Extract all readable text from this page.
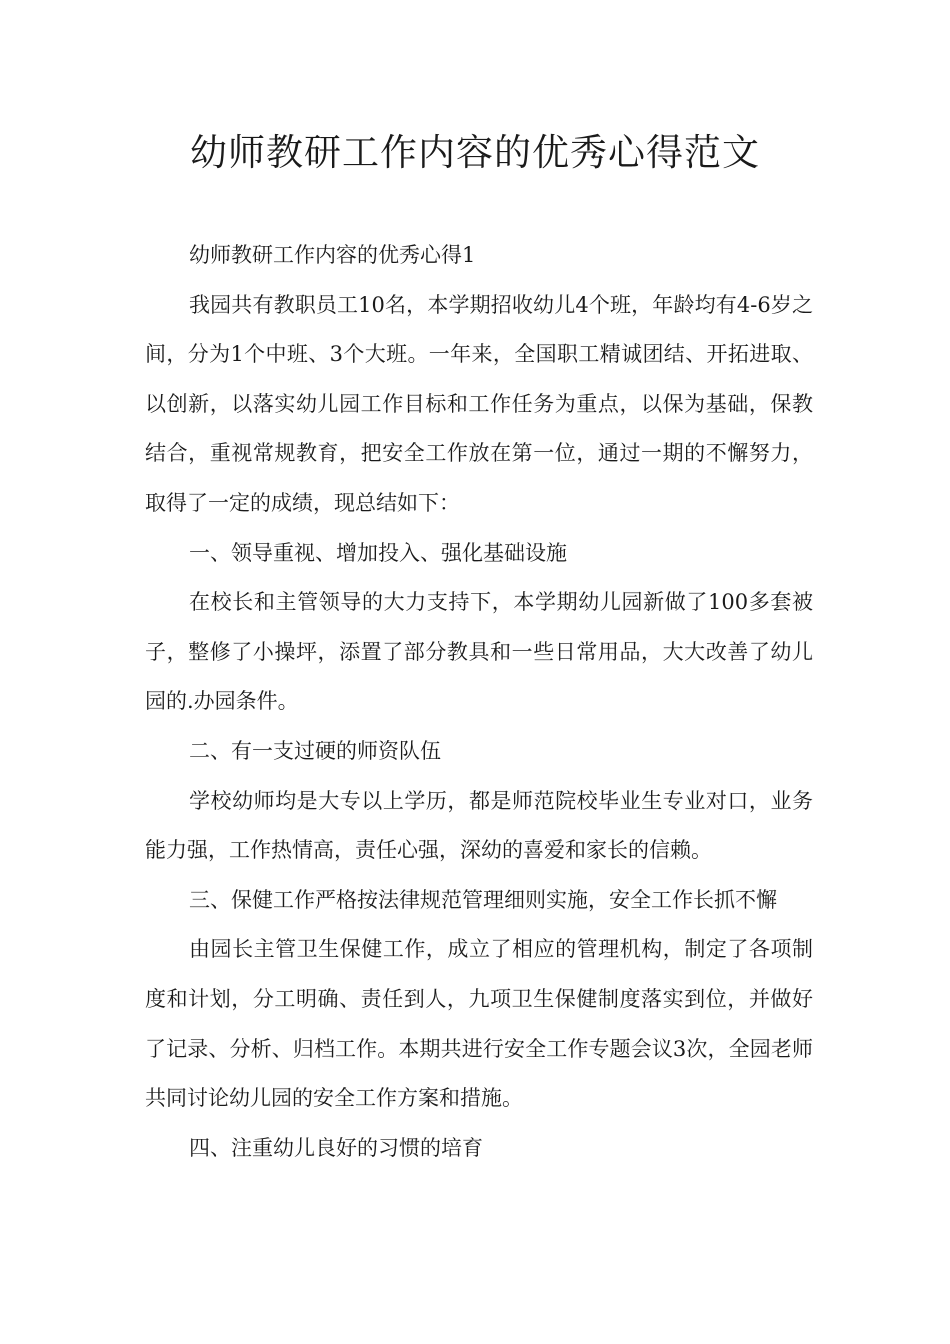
幼师教研工作内容的优秀心得范文

幼师教研工作内容的优秀心得1

我园共有教职员工10名，本学期招收幼儿4个班，年龄均有4-6岁之间，分为1个中班、3个大班。一年来，全国职工精诚团结、开拓进取、以创新，以落实幼儿园工作目标和工作任务为重点，以保为基础，保教结合，重视常规教育，把安全工作放在第一位，通过一期的不懈努力，取得了一定的成绩，现总结如下：

一、领导重视、增加投入、强化基础设施

在校长和主管领导的大力支持下，本学期幼儿园新做了100多套被子，整修了小操坪，添置了部分教具和一些日常用品，大大改善了幼儿园的.办园条件。

二、有一支过硬的师资队伍

学校幼师均是大专以上学历，都是师范院校毕业生专业对口，业务能力强，工作热情高，责任心强，深幼的喜爱和家长的信赖。

三、保健工作严格按法律规范管理细则实施，安全工作长抓不懈

由园长主管卫生保健工作，成立了相应的管理机构，制定了各项制度和计划，分工明确、责任到人，九项卫生保健制度落实到位，并做好了记录、分析、归档工作。本期共进行安全工作专题会议3次，全园老师共同讨论幼儿园的安全工作方案和措施。

四、注重幼儿良好的习惯的培育
